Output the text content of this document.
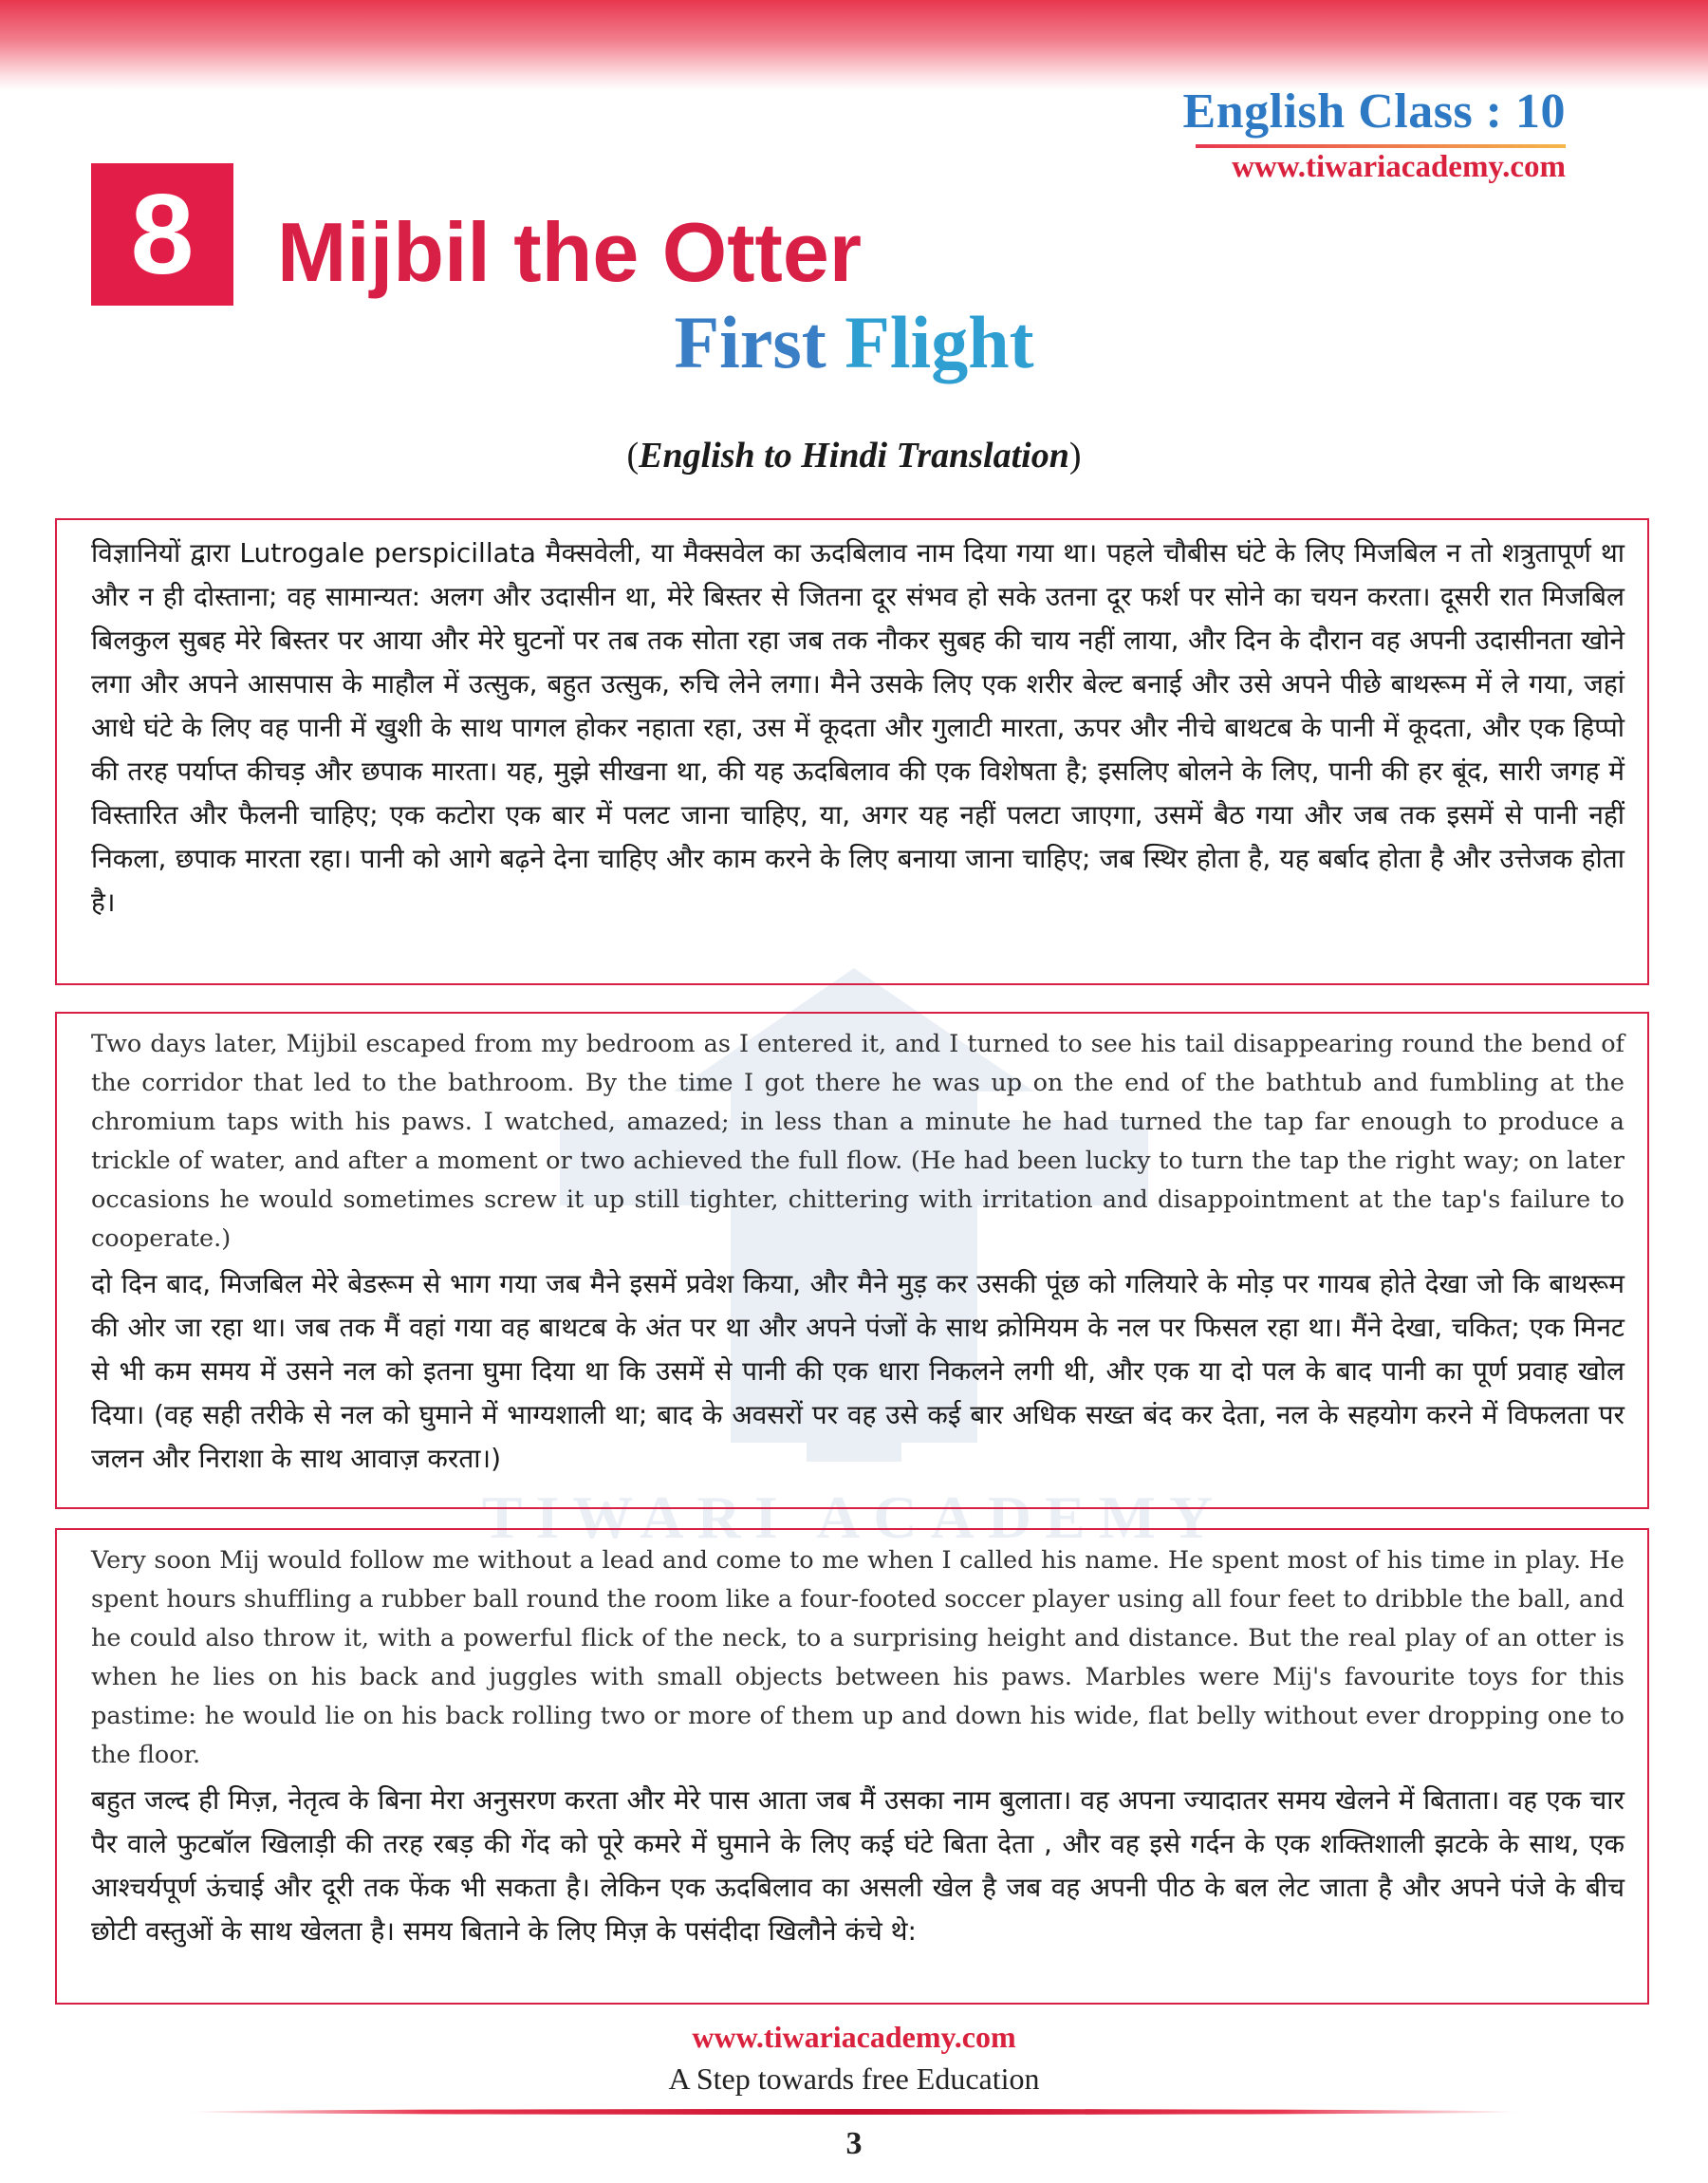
English Class : 10
www.tiwariacademy.com
8 Mijbil the Otter
First Flight
(English to Hindi Translation)
TIWARI ACADEMY

विज्ञानियों द्वारा Lutrogale perspicillata मैक्सवेली, या मैक्सवेल का ऊदबिलाव नाम दिया गया था। पहले चौबीस घंटे के लिए मिजबिल न तो शत्रुतापूर्ण था और न ही दोस्ताना; वह सामान्यत: अलग और उदासीन था, मेरे बिस्तर से जितना दूर संभव हो सके उतना दूर फर्श पर सोने का चयन करता। दूसरी रात मिजबिल बिलकुल सुबह मेरे बिस्तर पर आया और मेरे घुटनों पर तब तक सोता रहा जब तक नौकर सुबह की चाय नहीं लाया, और दिन के दौरान वह अपनी उदासीनता खोने लगा और अपने आसपास के माहौल में उत्सुक, बहुत उत्सुक, रुचि लेने लगा। मैने उसके लिए एक शरीर बेल्ट बनाई और उसे अपने पीछे बाथरूम में ले गया, जहां आधे घंटे के लिए वह पानी में खुशी के साथ पागल होकर नहाता रहा, उस में कूदता और गुलाटी मारता, ऊपर और नीचे बाथटब के पानी में कूदता, और एक हिप्पो की तरह पर्याप्त कीचड़ और छपाक मारता। यह, मुझे सीखना था, की यह ऊदबिलाव की एक विशेषता है; इसलिए बोलने के लिए, पानी की हर बूंद, सारी जगह में विस्तारित और फैलनी चाहिए; एक कटोरा एक बार में पलट जाना चाहिए, या, अगर यह नहीं पलटा जाएगा, उसमें बैठ गया और जब तक इसमें से पानी नहीं निकला, छपाक मारता रहा। पानी को आगे बढ़ने देना चाहिए और काम करने के लिए बनाया जाना चाहिए; जब स्थिर होता है, यह बर्बाद होता है और उत्तेजक होता है।

Two days later, Mijbil escaped from my bedroom as I entered it, and I turned to see his tail disappearing round the bend of the corridor that led to the bathroom. By the time I got there he was up on the end of the bathtub and fumbling at the chromium taps with his paws. I watched, amazed; in less than a minute he had turned the tap far enough to produce a trickle of water, and after a moment or two achieved the full flow. (He had been lucky to turn the tap the right way; on later occasions he would sometimes screw it up still tighter, chittering with irritation and disappointment at the tap's failure to cooperate.)

दो दिन बाद, मिजबिल मेरे बेडरूम से भाग गया जब मैने इसमें प्रवेश किया, और मैने मुड़ कर उसकी पूंछ को गलियारे के मोड़ पर गायब होते देखा जो कि बाथरूम की ओर जा रहा था। जब तक मैं वहां गया वह बाथटब के अंत पर था और अपने पंजों के साथ क्रोमियम के नल पर फिसल रहा था। मैंने देखा, चकित; एक मिनट से भी कम समय में उसने नल को इतना घुमा दिया था कि उसमें से पानी की एक धारा निकलने लगी थी, और एक या दो पल के बाद पानी का पूर्ण प्रवाह खोल दिया। (वह सही तरीके से नल को घुमाने में भाग्यशाली था; बाद के अवसरों पर वह उसे कई बार अधिक सख्त बंद कर देता, नल के सहयोग करने में विफलता पर जलन और निराशा के साथ आवाज़ करता।)

Very soon Mij would follow me without a lead and come to me when I called his name. He spent most of his time in play. He spent hours shuffling a rubber ball round the room like a four-footed soccer player using all four feet to dribble the ball, and he could also throw it, with a powerful flick of the neck, to a surprising height and distance. But the real play of an otter is when he lies on his back and juggles with small objects between his paws. Marbles were Mij's favourite toys for this pastime: he would lie on his back rolling two or more of them up and down his wide, flat belly without ever dropping one to the floor.

बहुत जल्द ही मिज़, नेतृत्व के बिना मेरा अनुसरण करता और मेरे पास आता जब मैं उसका नाम बुलाता। वह अपना ज्यादातर समय खेलने में बिताता। वह एक चार पैर वाले फुटबॉल खिलाड़ी की तरह रबड़ की गेंद को पूरे कमरे में घुमाने के लिए कई घंटे बिता देता , और वह इसे गर्दन के एक शक्तिशाली झटके के साथ, एक आश्चर्यपूर्ण ऊंचाई और दूरी तक फेंक भी सकता है। लेकिन एक ऊदबिलाव का असली खेल है जब वह अपनी पीठ के बल लेट जाता है और अपने पंजे के बीच छोटी वस्तुओं के साथ खेलता है। समय बिताने के लिए मिज़ के पसंदीदा खिलौने कंचे थे:

www.tiwariacademy.com
A Step towards free Education
3
